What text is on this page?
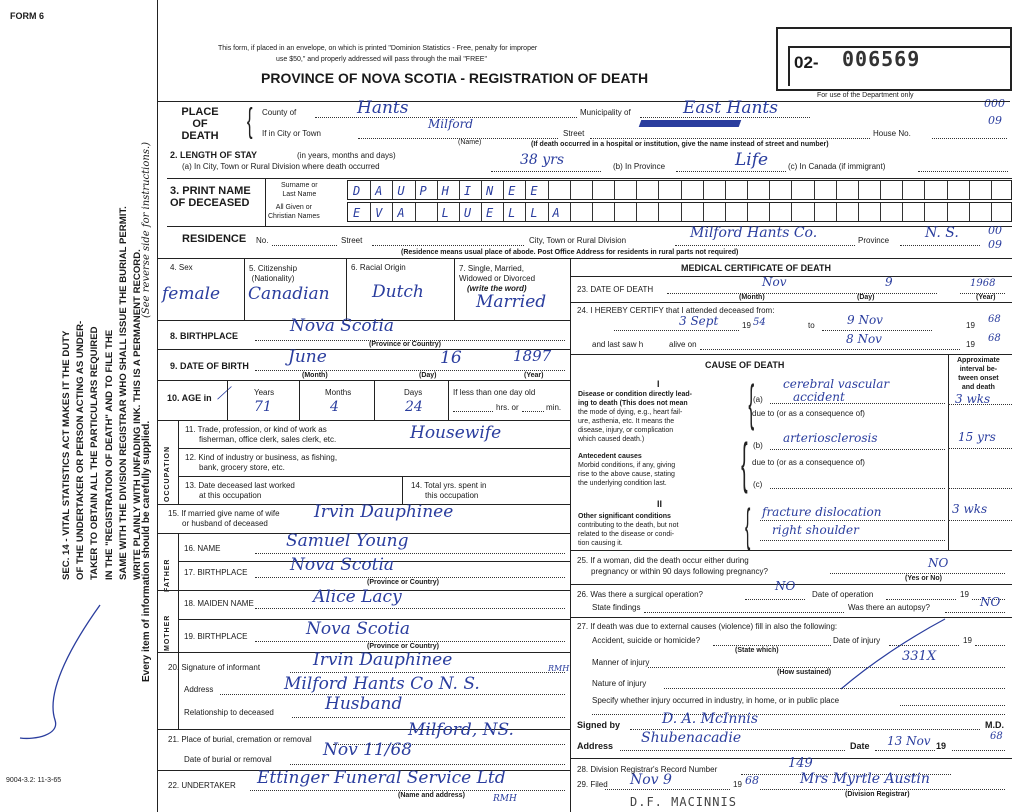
FORM 6
This form, if placed in an envelope, on which is printed "Dominion Statistics - Free, penalty for improper
use $50," and properly addressed will pass through the mail "FREE"
PROVINCE OF NOVA SCOTIA - REGISTRATION OF DEATH
02- 006569
For use of the Department only
000
09
SEC. 14 - VITAL STATISTICS ACT MAKES IT THE DUTY OF THE UNDERTAKER OR PERSON ACTING AS UNDER- TAKER TO OBTAIN ALL THE PARTICULARS REQUIRED IN THE "REGISTRATION OF DEATH" AND TO FILE THE SAME WITH THE DIVISION REGISTRAR WHO SHALL ISSUE THE BURIAL PERMIT. WRITE PLAINLY WITH UNFADING INK. THIS IS A PERMANENT RECORD.
(See reverse side for instructions.)
Every item of information should be carefully supplied.
9004-3.2: 11-3-65
PLACE
OF
DEATH { County of	Hants	Municipality of	East Hants
If in City or Town
Milford
(Name)
Street	House No.
(If death occurred in a hospital or institution, give the name instead of street and number)
2. LENGTH OF STAY	(in years, months and days)
(a) In City, Town or Rural Division where death occurred	38 yrs	(b) In Province	Life (c) In Canada (if immigrant)
3. PRINT NAME
OF DECEASED
Surname or
Last Name
All Given or
Christian Names
D A U P H I N E E
E V A	L U E L L A
RESIDENCE No.	Street	City, Town or Rural Division	Milford Hants Co.	Province	N. S.	00
09
(Residence means usual place of abode. Post Office Address for residents in rural parts not required)
4. Sex
female
5. Citizenship
(Nationality)
Canadian
6. Racial Origin
Dutch
7. Single, Married,
Widowed or Divorced
(write the word)
Married
8. BIRTHPLACE	Nova Scotia
(Province or Country)
9. DATE OF BIRTH June	16	1897
(Month)	(Day)	(Year)
10. AGE in ⟋	Years	Months	Days
71	4	24
If less than one day old
hrs. or	min.
OCCUPATION
11. Trade, profession, or kind of work as
fisherman, office clerk, sales clerk, etc.	Housewife
12. Kind of industry or business, as fishing,
bank, grocery store, etc.
13. Date deceased last worked
at this occupation
14. Total yrs. spent in
this occupation
15. If married give name of wife
or husband of deceased
Irvin Dauphinee
FATHER
16. NAME	Samuel Young
17. BIRTHPLACE	Nova Scotia
(Province or Country)
MOTHER
18. MAIDEN NAME	Alice Lacy
19. BIRTHPLACE	Nova Scotia
(Province or Country)
20. Signature of informant	Irvin Dauphinee	RMH
Address	Milford Hants Co N. S.
Relationship to deceased	Husband
21. Place of burial, cremation or removal	Milford, NS.
Date of burial or removal	Nov 11/68
22. UNDERTAKER Ettinger Funeral Service Ltd
(Name and address)	RMH
MEDICAL CERTIFICATE OF DEATH
23. DATE OF DEATH
Nov	9	1968
(Month)	(Day)	(Year)
24. I HEREBY CERTIFY that I attended deceased from:
3 Sept	19 54	to	9 Nov	19
68
and last saw h	alive on	8 Nov	19
68
CAUSE OF DEATH	Approximate
interval be-
tween onset
and death
I
Disease or condition directly lead-
ing to death (This does not mean
the mode of dying, e.g., heart fail-
ure, asthenia, etc. It means the
disease, injury, or complication
which caused death.)
{
(a)
cerebral vascular
accident	3 wks
due to (or as a consequence of)
Antecedent causes
Morbid conditions, if any, giving
rise to the above cause, stating
the underlying condition last. { (b)
arteriosclerosis	15 yrs
due to (or as a consequence of)
(c)
II
Other significant conditions
contributing to the death, but not
related to the disease or condi-
tion causing it.	{ fracture dislocation
right shoulder
3 wks
25. If a woman, did the death occur either during
pregnancy or within 90 days following pregnancy?
NO
(Yes or No)
26. Was there a surgical operation?
NO
Date of operation	19
State findings	Was there an autopsy?	NO
27. If death was due to external causes (violence) fill in also the following:
Accident, suicide or homicide?	Date of injury	19
(State which)	331X
Manner of injury
(How sustained)
Nature of injury
Specify whether injury occurred in industry, in home, or in public place
Signed by	D. A. McInnis	M.D.
Address Shubenacadie	Date 13 Nov 19
68
28. Division Registrar's Record Number	149
29. Filed Nov 9	19 68	Mrs Myrtle Austin
(Division Registrar)
D.F. MACINNIS
